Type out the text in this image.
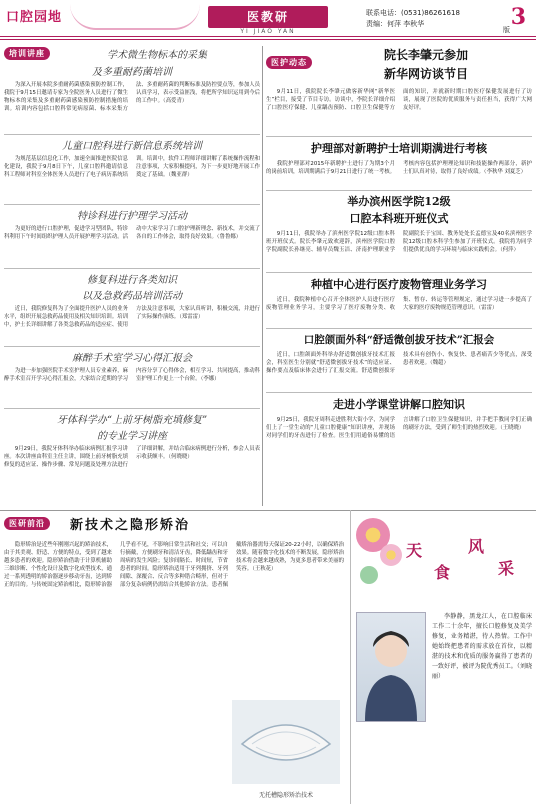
口腔园地	医教研
YI JIAO YAN
联系电话：(0531)86261618
责编：何萍 李秋华	3
版
培训讲座	学术微生物标本的采集
及多重耐药菌培训

为深入开展本院多重耐药菌感染预防控制工作，我院于9月15日邀请专家为全院医务人员进行了微生物标本的采集及多重耐药菌感染预防控制措施的培训。培训内容包括口腔科常见病原菌、标本采集方法、多重耐药菌的判断标准及防控要点等，参加人员认真学习，表示受益匪浅，将把所学知识运用到今后的工作中。（高爱青）

儿童口腔科进行新信息系统培训

为规范基层信息化工作，加速全面推进医院信息化建设，我院于9月8日下午，儿童口腔科邀请信息科工程师对科室全体医务人员进行了电子病历系统培训。培训中，软件工程师详细讲解了系统操作流程和注意事项，大家积极提问，为下一步更好地开展工作奠定了基础。（魏亚群）

特诊科进行护理学习活动

为更好的进行口腔护理，促进学习型团队，特诊科利用下午时间组织护理人员开展护理学习活动。活动中大家学习了口腔护理新理念、新技术，并交流了各自的工作体会，取得良好效果。（鲁鲁娜）

修复科进行各类知识
以及急救药品培训活动

近日，我院修复科为了全面提升医护人员的业务水平，组织开展急救药品使用及相关知识培训。培训中，护士长详细讲解了各类急救药品的适应症、使用方法及注意事项，大家认真听讲，积极交流，并进行了实际操作演练。（郑雷雷）

麻醉手术室学习心得汇报会

为进一步加强医院手术室护理人员专业素养，麻醉手术室召开学习心得汇报会，大家结合近期的学习内容分享了心得体会，相互学习、共同提高，推动科室护理工作更上一个台阶。（李娜）

牙体科学办“上前牙树脂充填修复”
的专业学习讲座

9月29日，我院牙体科举办临床病例汇报学习讲座。本次讲座由科室主任主讲，围绕上前牙树脂充填修复的适应证、操作步骤、常见问题及处理方法进行了详细讲解，并结合临床病例进行分析，参会人员表示收获颇丰。（何晓晓）

医护动态
院长李肇元参加
新华网访谈节目

9月11日，我院院长李肇元做客新华网“新华医生”栏目，接受了节目专访。访谈中，李院长详细介绍了口腔医疗保健、儿童龋齿预防、口腔卫生保健等方面的知识，并就新时期口腔医疗保健发展进行了访谈，展现了医院的优质服务与责任担当，获得广大网友好评。

护理部对新聘护士培训期满进行考核

我院护理部对2015年新聘护士进行了为期3个月的岗前培训，培训期满后于9月21日进行了统一考核。考核内容包括护理理论知识和技能操作两部分，新护士们认真对待，取得了良好成绩。（李秋华 刘夏芝）

举办滨州医学院12级
口腔本科班开班仪式

9月11日，我院举办了滨州医学院12级口腔本科班开班仪式。院长李肇元致欢迎辞，滨州医学院口腔学院副院长孙继亮、辅导员魏玉洁、济南护理职业学院副院长于宝国、教务处处长孟德宝及40名滨州医学院12级口腔本科学生参加了开班仪式。我院将为同学们提供优良的学习环境与临床实践机会。（何萍）

种植中心进行医疗废物管理业务学习

近日，我院种植中心召开全体医护人员进行医疗废物管理业务学习，主要学习了医疗废物分类、收集、暂存、转运等管理规定，通过学习进一步提高了大家的医疗废物规范管理意识。（雷雷）

口腔颌面外科“舒适微创拔牙技术”汇报会

近日，口腔颌面外科举办舒适微创拔牙技术汇报会，科室医生分别就“舒适微创拔牙技术”的适应证、操作要点及临床体会进行了汇报交流。舒适微创拔牙技术具有创伤小、恢复快、患者痛苦少等优点，深受患者欢迎。（魏超）

走进小学课堂讲解口腔知识

9月25日，我院牙周科走进胜利大街小学，为同学们上了一堂生动的“儿童口腔健康”知识讲座，并现场对同学们的牙齿进行了检查。医生们用通俗易懂的语言讲解了口腔卫生保健知识，并手把手教同学们正确的刷牙方法，受到了师生们的热烈欢迎。（王晓晓）

医研前沿	新技术之隐形矫治

隐形矫治是近些年刚刚兴起的矫治技术，由于其美观、舒适、方便的特点，受到了越来越多患者的欢迎。隐形矫治借助于计算机辅助三维诊断、个性化设计及数字化成型技术，通过一系列透明的矫治器逐步移动牙齿，达到矫正的目的。与传统固定矫治相比，隐形矫治器几乎看不见，不影响日常生活和社交；可以自行摘戴，方便刷牙和清洁牙齿，降低龋齿和牙周病的发生风险；复诊间隔长、时间短，节省患者的时间。隐形矫治适用于牙列拥挤、牙列间隙、深覆合、反合等多种错合畸形，但对于部分复杂病例仍需结合其他矫治方法。患者佩戴矫治器需每天保证20-22小时，以确保矫治效果。随着数字化技术的不断发展，隐形矫治技术将会越来越成熟，为更多患者带来美丽的笑容。（王秋花）

无托槽隐形矫治技术
天
食
风
采

李静静，黑龙江人，在口腔临床工作二十余年，擅长口腔修复及美学修复，业务精湛，待人热情。工作中她始终把患者的需求放在首位，以精湛的技术和优质的服务赢得了患者的一致好评，被评为院优秀员工。（刘晓丽）
